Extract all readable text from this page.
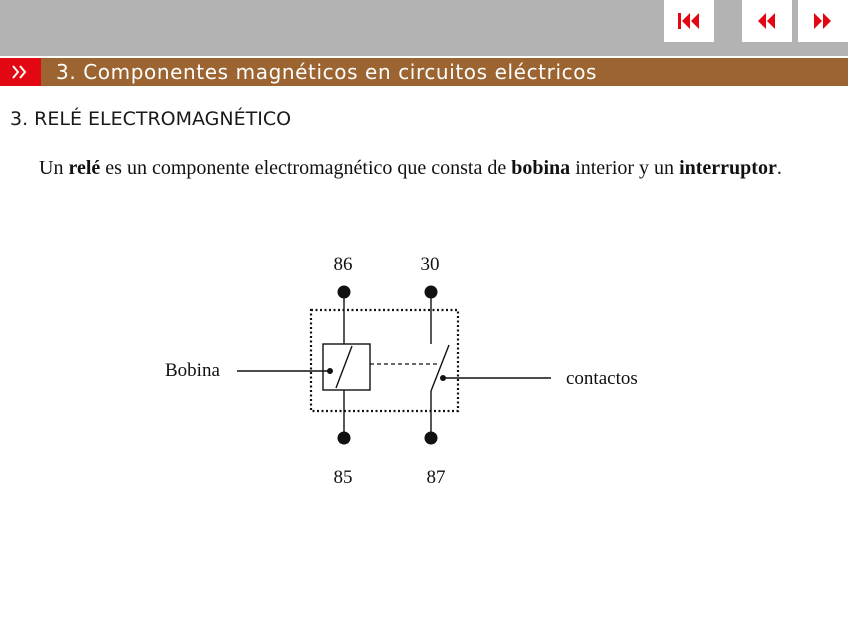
3. Componentes magnéticos en circuitos eléctricos
3. RELÉ ELECTROMAGNÉTICO

Un relé es un componente electromagnético que consta de bobina interior y un interruptor.

86	30
85	87
Bobina	contactos
